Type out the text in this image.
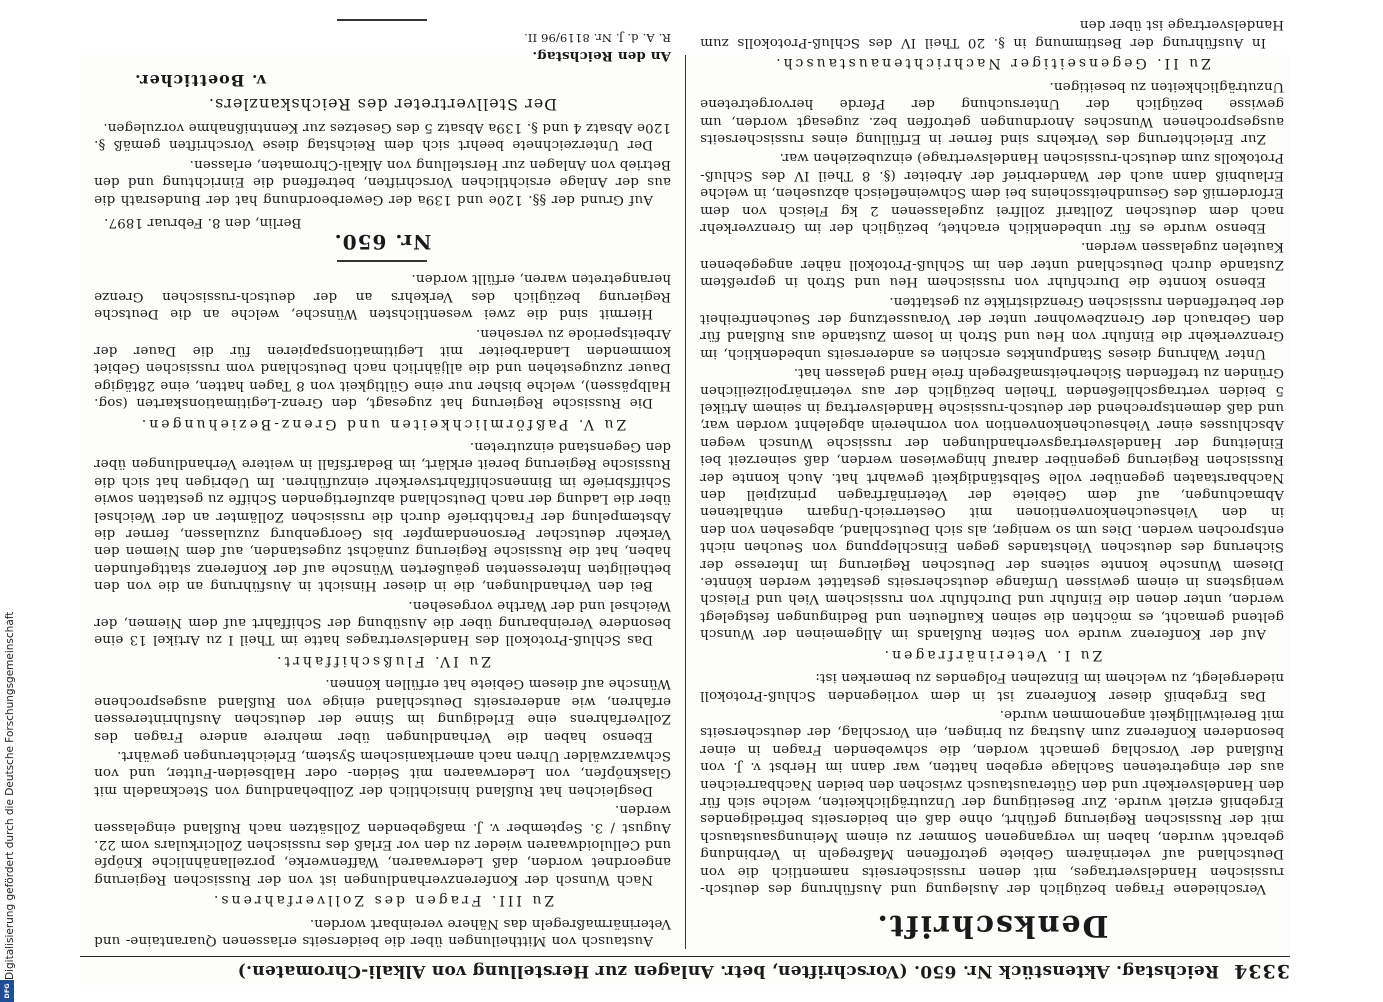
3334
Reichstag. Aktenstück Nr. 650. (Vorschriften, betr. Anlagen zur Herstellung von Alkali-Chromaten.)
Denkschrift.

Verschiedene Fragen bezüglich der Auslegung und Ausführung des deutsch-russischen Handelsvertrages, mit denen russischerseits namentlich die von Deutschland auf veterinärem Gebiete getroffenen Maßregeln in Verbindung gebracht wurden, haben im vergangenen Sommer zu einem Meinungsaustausch mit der Russischen Regierung geführt, ohne daß ein beiderseits befriedigendes Ergebniß erzielt wurde. Zur Beseitigung der Unzuträglichkeiten, welche sich für den Handelsverkehr und den Güteraustausch zwischen den beiden Nachbarreichen aus der eingetretenen Sachlage ergeben hatten, war dann im Herbst v. J. von Rußland der Vorschlag gemacht worden, die schwebenden Fragen in einer besonderen Konferenz zum Austrag zu bringen, ein Vorschlag, der deutscherseits mit Bereitwilligkeit angenommen wurde.

Das Ergebniß dieser Konferenz ist in dem vorliegenden Schluß-Protokoll niedergelegt, zu welchem im Einzelnen Folgendes zu bemerken ist:

Zu I. Veterinärfragen.

Auf der Konferenz wurde von Seiten Rußlands im Allgemeinen der Wunsch geltend gemacht, es möchten die seinen Kaufleuten und Bedingungen festgelegt werden, unter denen die Einfuhr und Durchfuhr von russischem Vieh und Fleisch wenigstens in einem gewissen Umfange deutscherseits gestattet werden könnte. Diesem Wunsche konnte seitens der Deutschen Regierung im Interesse der Sicherung des deutschen Viehstandes gegen Einschleppung von Seuchen nicht entsprochen werden. Dies um so weniger, als sich Deutschland, abgesehen von den in den Viehseuchenkonventionen mit Oesterreich-Ungarn enthaltenen Abmachungen, auf dem Gebiete der Veterinärfragen prinzipiell den Nachbarstaaten gegenüber volle Selbständigkeit gewahrt hat. Auch konnte der Russischen Regierung gegenüber darauf hingewiesen werden, daß seinerzeit bei Einleitung der Handelsvertragsverhandlungen der russische Wunsch wegen Abschlusses einer Viehseuchenkonvention von vornherein abgelehnt worden war, und daß dementsprechend der deutsch-russische Handelsvertrag in seinem Artikel 5 beiden vertragschließenden Theilen bezüglich der aus veterinärpolizeilichen Gründen zu treffenden Sicherheitsmaßregeln freie Hand gelassen hat.

Unter Wahrung dieses Standpunktes erschien es andererseits unbedenklich, im Grenzverkehr die Einfuhr von Heu und Stroh in losem Zustande aus Rußland für den Gebrauch der Grenzbewohner unter der Voraussetzung der Seuchenfreiheit der betreffenden russischen Grenzdistrikte zu gestatten.

Ebenso konnte die Durchfuhr von russischem Heu und Stroh in gepreßtem Zustande durch Deutschland unter den im Schluß-Protokoll näher angegebenen Kautelen zugelassen werden.

Ebenso wurde es für unbedenklich erachtet, bezüglich der im Grenzverkehr nach dem deutschen Zolltarif zollfrei zugelassenen 2 kg Fleisch von dem Erforderniß des Gesundheitsscheins bei dem Schweinefleisch abzusehen, in welche Erlaubniß dann auch der Wanderbrief der Arbeiter (§. 8 Theil IV des Schluß-Protokolls zum deutsch-russischen Handelsvertrage) einzubeziehen war.

Zur Erleichterung des Verkehrs sind ferner in Erfüllung eines russischerseits ausgesprochenen Wunsches Anordnungen getroffen bez. zugesagt worden, um gewisse bezüglich der Untersuchung der Pferde hervorgetretene Unzuträglichkeiten zu beseitigen.

Zu II. Gegenseitiger Nachrichtenaustausch.

In Ausführung der Bestimmung in §. 20 Theil IV des Schluß-Protokolls zum Handelsvertrage ist über den

Austausch von Mittheilungen über die beiderseits erlassenen Quarantaine- und Veterinärmaßregeln das Nähere vereinbart worden.

Zu III. Fragen des Zollverfahrens.

Nach Wunsch der Konferenzverhandlungen ist von der Russischen Regierung angeordnet worden, daß Lederwaaren, Waffenwerke, porzellanähnliche Knöpfe und Celluloidwaaren wieder zu den vor Erlaß des russischen Zollcirkulars vom 22. August / 3. September v. J. maßgebenden Zollsätzen nach Rußland eingelassen werden.

Desgleichen hat Rußland hinsichtlich der Zollbehandlung von Stecknadeln mit Glasknöpfen, von Lederwaaren mit Seiden- oder Halbseiden-Futter, und von Schwarzwälder Uhren nach amerikanischem System, Erleichterungen gewährt.

Ebenso haben die Verhandlungen über mehrere andere Fragen des Zollverfahrens eine Erledigung im Sinne der deutschen Ausfuhrinteressen erfahren, wie andererseits Deutschland einige von Rußland ausgesprochene Wünsche auf diesem Gebiete hat erfüllen können.

Zu IV. Flußschiffahrt.

Das Schluß-Protokoll des Handelsvertrages hatte im Theil I zu Artikel 13 eine besondere Vereinbarung über die Ausübung der Schiffahrt auf dem Niemen, der Weichsel und der Warthe vorgesehen.

Bei den Verhandlungen, die in dieser Hinsicht in Ausführung an die von den betheiligten Interessenten geäußerten Wünsche auf der Konferenz stattgefunden haben, hat die Russische Regierung zunächst zugestanden, auf dem Niemen den Verkehr deutscher Personendampfer bis Georgenburg zuzulassen, ferner die Abstempelung der Frachtbriefe durch die russischen Zollämter an der Weichsel über die Ladung der nach Deutschland abzufertigenden Schiffe zu gestatten sowie Schiffsbriefe im Binnenschiffahrtsverkehr einzuführen. Im Uebrigen hat sich die Russische Regierung bereit erklärt, im Bedarfsfall in weitere Verhandlungen über den Gegenstand einzutreten.

Zu V. Paßförmlichkeiten und Grenz-Beziehungen.

Die Russische Regierung hat zugesagt, den Grenz-Legitimationskarten (sog. Halbpässen), welche bisher nur eine Gültigkeit von 8 Tagen hatten, eine 28tägige Dauer zuzugestehen und die alljährlich nach Deutschland vom russischen Gebiet kommenden Landarbeiter mit Legitimationspapieren für die Dauer der Arbeitsperiode zu versehen.

Hiermit sind die zwei wesentlichsten Wünsche, welche an die Deutsche Regierung bezüglich des Verkehrs an der deutsch-russischen Grenze herangetreten waren, erfüllt worden.

Nr. 650.
Berlin, den 8. Februar 1897.

Auf Grund der §§. 120e und 139a der Gewerbeordnung hat der Bundesrath die aus der Anlage ersichtlichen Vorschriften, betreffend die Einrichtung und den Betrieb von Anlagen zur Herstellung von Alkali-Chromaten, erlassen.

Der Unterzeichnete beehrt sich dem Reichstag diese Vorschriften gemäß §. 120e Absatz 4 und §. 139a Absatz 5 des Gesetzes zur Kenntnißnahme vorzulegen.

Der Stellvertreter des Reichskanzlers.
v. Boetticher.
An den Reichstag.
R. A. d. J. Nr. 8119/96 II.
Digitalisierung gefördert durch die Deutsche Forschungsgemeinschaft
DFG
